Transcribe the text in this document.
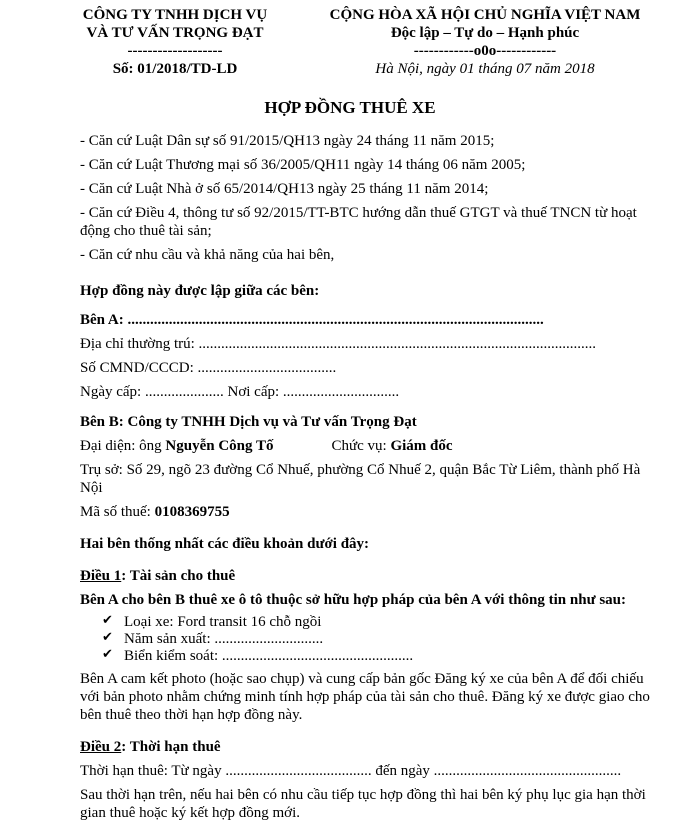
CÔNG TY TNHH DỊCH VỤ
VÀ TƯ VẤN TRỌNG ĐẠT
-------------------
Số: 01/2018/TD-LD
CỘNG HÒA XÃ HỘI CHỦ NGHĨA VIỆT NAM
Độc lập – Tự do – Hạnh phúc
------------o0o------------
Hà Nội, ngày 01 tháng 07 năm 2018
HỢP ĐỒNG THUÊ XE

- Căn cứ Luật Dân sự số 91/2015/QH13 ngày 24 tháng 11 năm 2015;

- Căn cứ Luật Thương mại số 36/2005/QH11 ngày 14 tháng 06 năm 2005;

- Căn cứ Luật Nhà ở số 65/2014/QH13 ngày 25 tháng 11 năm 2014;

- Căn cứ Điều 4, thông tư số 92/2015/TT-BTC hướng dẫn thuế GTGT và thuế TNCN từ hoạt động cho thuê tài sản;

- Căn cứ nhu cầu và khả năng của hai bên,

Hợp đồng này được lập giữa các bên:

Bên A: ...............................................................................................................

Địa chỉ thường trú: ..........................................................................................................

Số CMND/CCCD: .....................................

Ngày cấp: ..................... Nơi cấp: ...............................

Bên B: Công ty TNHH Dịch vụ và Tư vấn Trọng Đạt

Đại diện: ông Nguyễn Công Tố	Chức vụ: Giám đốc

Trụ sở: Số 29, ngõ 23 đường Cổ Nhuế, phường Cổ Nhuế 2, quận Bắc Từ Liêm, thành phố Hà Nội

Mã số thuế: 0108369755

Hai bên thống nhất các điều khoản dưới đây:

Điều 1: Tài sản cho thuê

Bên A cho bên B thuê xe ô tô thuộc sở hữu hợp pháp của bên A với thông tin như sau:

✔ Loại xe: Ford transit 16 chỗ ngồi
✔ Năm sản xuất: .............................
✔ Biển kiểm soát: ...................................................

Bên A cam kết photo (hoặc sao chụp) và cung cấp bản gốc Đăng ký xe của bên A để đối chiếu với bản photo nhằm chứng minh tính hợp pháp của tài sản cho thuê. Đăng ký xe được giao cho bên thuê theo thời hạn hợp đồng này.

Điều 2: Thời hạn thuê

Thời hạn thuê: Từ ngày ....................................... đến ngày ..................................................

Sau thời hạn trên, nếu hai bên có nhu cầu tiếp tục hợp đồng thì hai bên ký phụ lục gia hạn thời gian thuê hoặc ký kết hợp đồng mới.
